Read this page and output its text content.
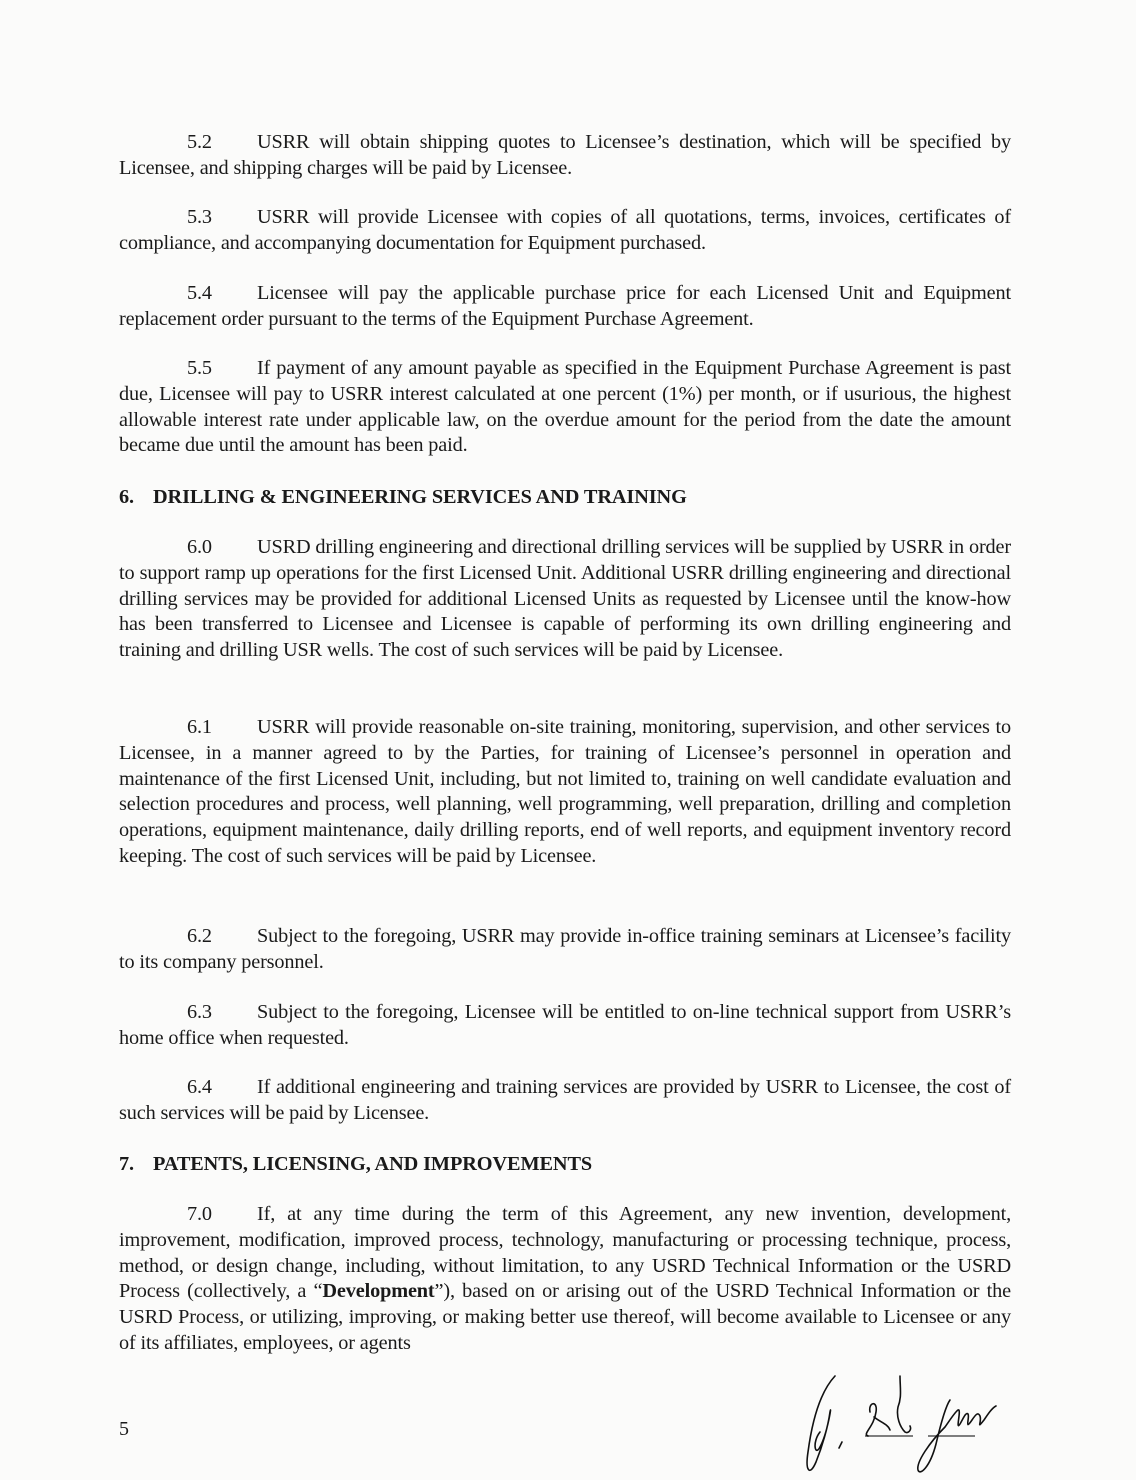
5.2 USRR will obtain shipping quotes to Licensee’s destination, which will be specified by Licensee, and shipping charges will be paid by Licensee.

5.3 USRR will provide Licensee with copies of all quotations, terms, invoices, certificates of compliance, and accompanying documentation for Equipment purchased.

5.4 Licensee will pay the applicable purchase price for each Licensed Unit and Equipment replacement order pursuant to the terms of the Equipment Purchase Agreement.

5.5 If payment of any amount payable as specified in the Equipment Purchase Agreement is past due, Licensee will pay to USRR interest calculated at one percent (1%) per month, or if usurious, the highest allowable interest rate under applicable law, on the overdue amount for the period from the date the amount became due until the amount has been paid.

6. DRILLING & ENGINEERING SERVICES AND TRAINING

6.0 USRD drilling engineering and directional drilling services will be supplied by USRR in order to support ramp up operations for the first Licensed Unit. Additional USRR drilling engineering and directional drilling services may be provided for additional Licensed Units as requested by Licensee until the know-how has been transferred to Licensee and Licensee is capable of performing its own drilling engineering and training and drilling USR wells. The cost of such services will be paid by Licensee.

6.1 USRR will provide reasonable on-site training, monitoring, supervision, and other services to Licensee, in a manner agreed to by the Parties, for training of Licensee’s personnel in operation and maintenance of the first Licensed Unit, including, but not limited to, training on well candidate evaluation and selection procedures and process, well planning, well programming, well preparation, drilling and completion operations, equipment maintenance, daily drilling reports, end of well reports, and equipment inventory record keeping. The cost of such services will be paid by Licensee.

6.2 Subject to the foregoing, USRR may provide in-office training seminars at Licensee’s facility to its company personnel.

6.3 Subject to the foregoing, Licensee will be entitled to on-line technical support from USRR’s home office when requested.

6.4 If additional engineering and training services are provided by USRR to Licensee, the cost of such services will be paid by Licensee.

7. PATENTS, LICENSING, AND IMPROVEMENTS

7.0 If, at any time during the term of this Agreement, any new invention, development, improvement, modification, improved process, technology, manufacturing or processing technique, process, method, or design change, including, without limitation, to any USRD Technical Information or the USRD Process (collectively, a “Development”), based on or arising out of the USRD Technical Information or the USRD Process, or utilizing, improving, or making better use thereof, will become available to Licensee or any of its affiliates, employees, or agents

5
